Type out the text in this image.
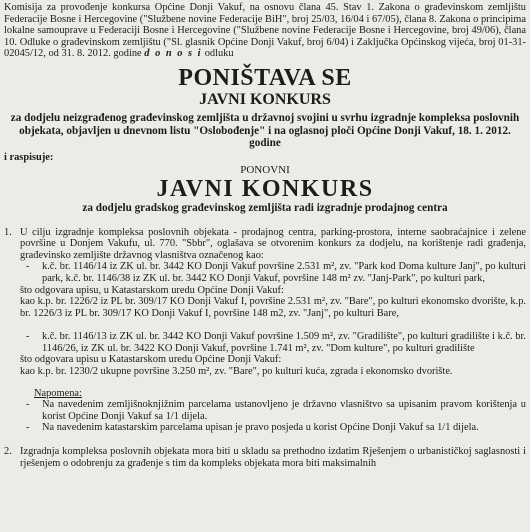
Komisija za provođenje konkursa Općine Donji Vakuf, na osnovu člana 45. Stav 1. Zakona o građevinskom zemljištu Federacije Bosne i Hercegovine ("Službene novine Federacije BiH", broj 25/03, 16/04 i 67/05), člana 8. Zakona o principima lokalne samouprave u Federaciji Bosne i Hercegovine ("Službene novine Federacije Bosne i Hercegovine, broj 49/06), člana 10. Odluke o građevinskom zemljištu ("Sl. glasnik Općine Donji Vakuf, broj 6/04) i Zaključka Općinskog vijeća, broj 01-31-02045/12, od 31. 8. 2012. godine d o n o s i odluku

PONIŠTAVA SE

JAVNI KONKURS

za dodjelu neizgrađenog građevinskog zemljišta u državnoj svojini u svrhu izgradnje kompleksa poslovnih objekata, objavljen u dnevnom listu "Oslobođenje" i na oglasnoj ploči Općine Donji Vakuf, 18. 1. 2012. godine

i raspisuje:

PONOVNI

JAVNI KONKURS

za dodjelu gradskog građevinskog zemljišta radi izgradnje prodajnog centra

1. U cilju izgradnje kompleksa poslovnih objekata - prodajnog centra, parking-prostora, interne saobraćajnice i zelene površine u Donjem Vakufu, ul. 770. "Sbbr", oglašava se otvorenim konkurs za dodjelu, na korištenje radi građenja, građevinsko zemljište državnog vlasništva označenog kao:

-	k.č. br. 1146/14 iz ZK ul. br. 3442 KO Donji Vakuf površine 2.531 m², zv. "Park kod Doma kulture Janj", po kulturi park, k.č. br. 1146/38 iz ZK ul. br. 3442 KO Donji Vakuf, površine 148 m² zv. "Janj-Park", po kulturi park,

što odgovara upisu, u Katastarskom uredu Općine Donji Vakuf:

kao k.p. br. 1226/2 iz PL br. 309/17 KO Donji Vakuf I, površine 2.531 m², zv. "Bare", po kulturi ekonomsko dvorište, k.p. br. 1226/3 iz PL br. 309/17 KO Donji Vakuf I, površine 148 m2, zv. "Janj", po kulturi Bare,

-	k.č. br. 1146/13 iz ZK ul. br. 3442 KO Donji Vakuf površine 1.509 m², zv. "Gradilište", po kulturi gradilište i k.č. br. 1146/26, iz ZK ul. br. 3422 KO Donji Vakuf, površine 1.741 m², zv. "Dom kulture", po kulturi gradilište

što odgovara upisu u Katastarskom uredu Općine Donji Vakuf:

kao k.p. br. 1230/2 ukupne površine 3.250 m², zv. "Bare", po kulturi kuća, zgrada i ekonomsko dvorište.

Napomena:

-	Na navedenim zemljišnoknjižnim parcelama ustanovljeno je državno vlasništvo sa upisanim pravom korištenja u korist Općine Donji Vakuf sa 1/1 dijela.

-	Na navedenim katastarskim parcelama upisan je pravo posjeda u korist Općine Donji Vakuf sa 1/1 dijela.

2. Izgradnja kompleksa poslovnih objekata mora biti u skladu sa prethodno izdatim Rješenjem o urbanističkoj saglasnosti i rješenjem o odobrenju za građenje s tim da kompleks objekata mora biti maksimalnih
